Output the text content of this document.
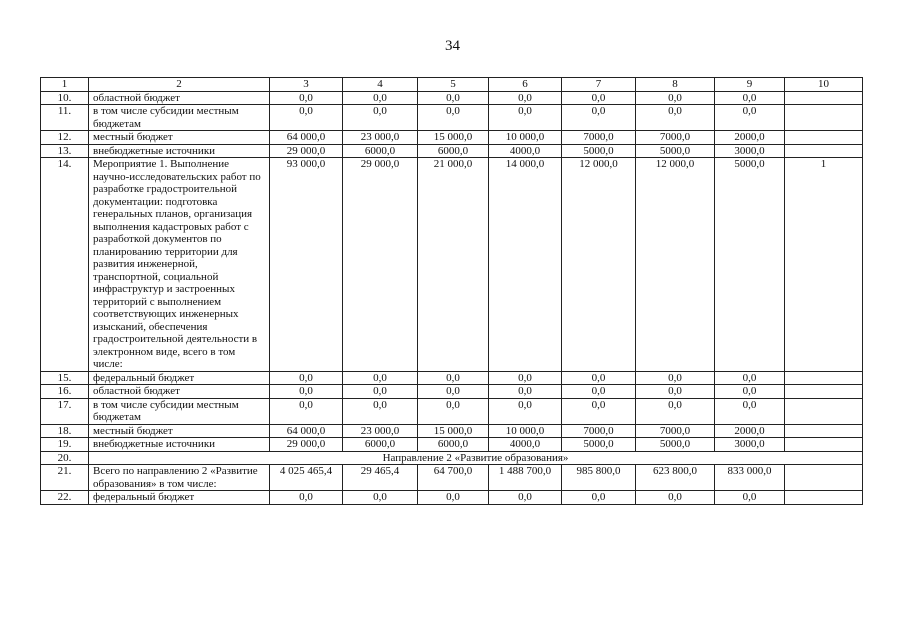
34
1	2	3	4	5	6	7	8	9	10
10.	областной бюджет	0,0	0,0	0,0	0,0	0,0	0,0	0,0	
11.	в том числе субсидии местным бюджетам	0,0	0,0	0,0	0,0	0,0	0,0	0,0	
12.	местный бюджет	64 000,0	23 000,0	15 000,0	10 000,0	7000,0	7000,0	2000,0	
13.	внебюджетные источники	29 000,0	6000,0	6000,0	4000,0	5000,0	5000,0	3000,0	
14.	Мероприятие 1. Выполнение научно-исследовательских работ по разработке градостроительной документации: подготовка генеральных планов, организация выполнения кадастровых работ с разработкой документов по планированию территории для развития инженерной, транспортной, социальной инфраструктур и застроенных территорий с выполнением соответствующих инженерных изысканий, обеспечения градостроительной деятельности в электронном виде, всего в том числе:	93 000,0	29 000,0	21 000,0	14 000,0	12 000,0	12 000,0	5000,0	1
15.	федеральный бюджет	0,0	0,0	0,0	0,0	0,0	0,0	0,0	
16.	областной бюджет	0,0	0,0	0,0	0,0	0,0	0,0	0,0	
17.	в том числе субсидии местным бюджетам	0,0	0,0	0,0	0,0	0,0	0,0	0,0	
18.	местный бюджет	64 000,0	23 000,0	15 000,0	10 000,0	7000,0	7000,0	2000,0	
19.	внебюджетные источники	29 000,0	6000,0	6000,0	4000,0	5000,0	5000,0	3000,0	
20.	Направление 2 «Развитие образования»								
21.	Всего по направлению 2 «Развитие образования» в том числе:	4 025 465,4	29 465,4	64 700,0	1 488 700,0	985 800,0	623 800,0	833 000,0	
22.	федеральный бюджет	0,0	0,0	0,0	0,0	0,0	0,0	0,0	
